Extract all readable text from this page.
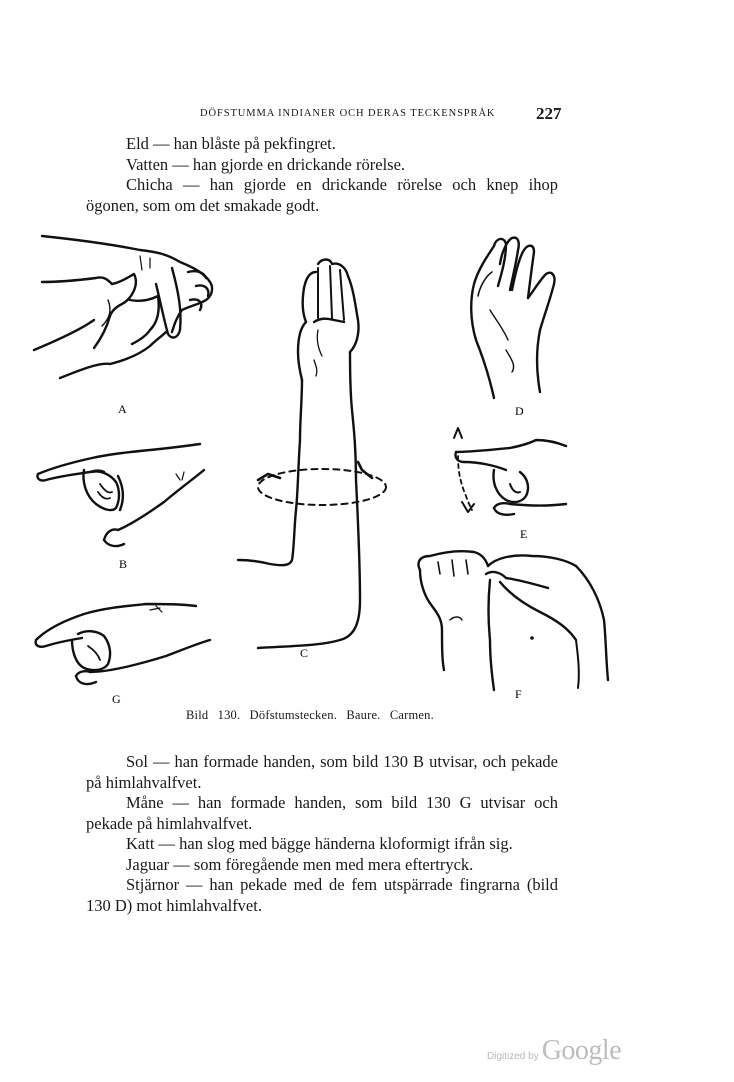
DÖFSTUMMA INDIANER OCH DERAS TECKENSPRÅK 227

Eld — han blåste på pekfingret.

Vatten — han gjorde en drickande rörelse.

Chicha — han gjorde en drickande rörelse och knep ihop ögonen, som om det smakade godt.

A
B
G
C
D
E
F
Bild 130. Döfstumstecken. Baure. Carmen.

Sol — han formade handen, som bild 130 B utvisar, och pekade på himlahvalfvet.

Måne — han formade handen, som bild 130 G utvisar och pekade på himlahvalfvet.

Katt — han slog med bägge händerna kloformigt ifrån sig.

Jaguar — som föregående men med mera eftertryck.

Stjärnor — han pekade med de fem utspärrade fingrarna (bild 130 D) mot himlahvalfvet.

Digitized by Google
